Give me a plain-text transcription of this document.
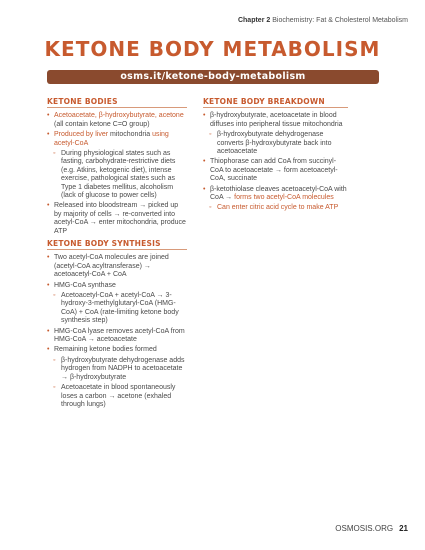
Chapter 2 Biochemistry: Fat & Cholesterol Metabolism
KETONE BODY METABOLISM
osms.it/ketone-body-metabolism
KETONE BODIES
• Acetoacetate, β-hydroxybutyrate, acetone
(all contain ketone C=O group)
• Produced by liver mitochondria using acetyl-CoA
◦ During physiological states such as fasting, carbohydrate-restrictive diets (e.g. Atkins, ketogenic diet), intense exercise, pathological states such as Type 1 diabetes mellitus, alcoholism (lack of glucose to power cells)
• Released into bloodstream → picked up by majority of cells → re-converted into acetyl-CoA → enter mitochondria, produce ATP
KETONE BODY SYNTHESIS
• Two acetyl-CoA molecules are joined (acetyl-CoA acyltransferase) → acetoacetyl-CoA + CoA
• HMG-CoA synthase
◦ Acetoacetyl-CoA + acetyl-CoA → 3-hydroxy-3-methylglutaryl-CoA (HMG-CoA) + CoA (rate-limiting ketone body synthesis step)
• HMG-CoA lyase removes acetyl-CoA from HMG-CoA → acetoacetate
• Remaining ketone bodies formed
◦ β-hydroxybutyrate dehydrogenase adds hydrogen from NADPH to acetoacetate → β-hydroxybutyrate
◦ Acetoacetate in blood spontaneously loses a carbon → acetone (exhaled through lungs)
KETONE BODY BREAKDOWN
• β-hydroxybutyrate, acetoacetate in blood diffuses into peripheral tissue mitochondria
◦ β-hydroxybutyrate dehydrogenase converts β-hydroxybutyrate back into acetoacetate
• Thiophorase can add CoA from succinyl-CoA to acetoacetate → form acetoacetyl-CoA, succinate
• β-ketothiolase cleaves acetoacetyl-CoA with CoA → forms two acetyl-CoA molecules
◦ Can enter citric acid cycle to make ATP
OSMOSIS.ORG 21
